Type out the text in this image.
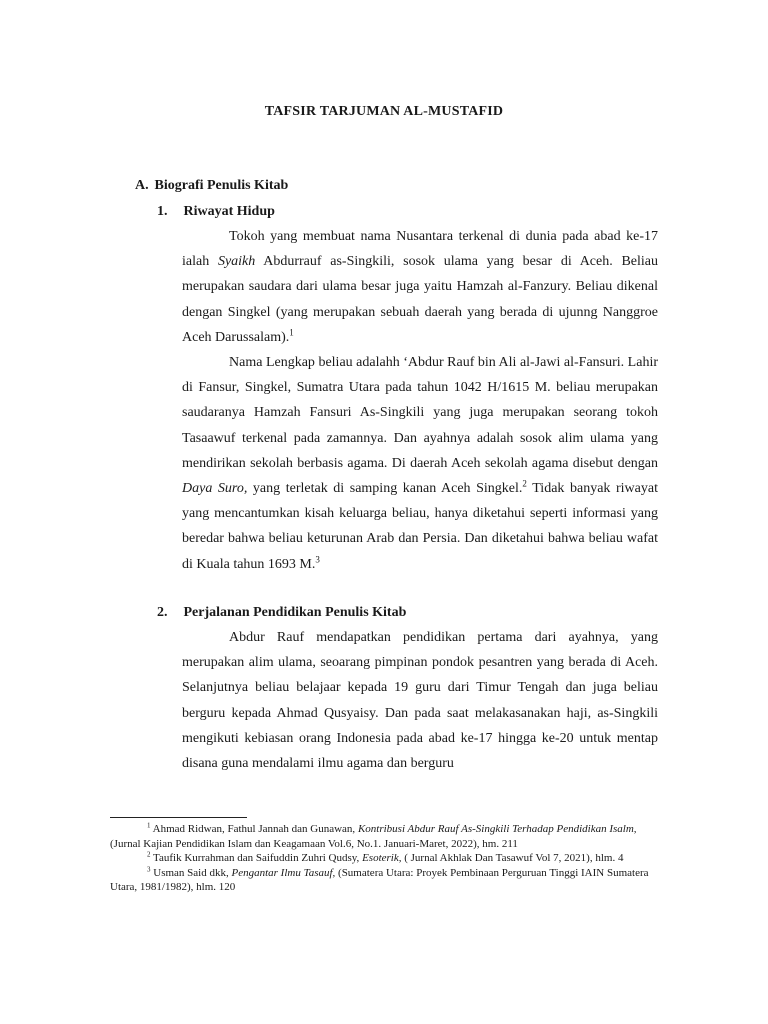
TAFSIR TARJUMAN AL-MUSTAFID
A. Biografi Penulis Kitab
1. Riwayat Hidup

Tokoh yang membuat nama Nusantara terkenal di dunia pada abad ke-17 ialah Syaikh Abdurrauf as-Singkili, sosok ulama yang besar di Aceh. Beliau merupakan saudara dari ulama besar juga yaitu Hamzah al-Fanzury. Beliau dikenal dengan Singkel (yang merupakan sebuah daerah yang berada di ujunng Nanggroe Aceh Darussalam).$^1$

Nama Lengkap beliau adalahh ‘Abdur Rauf bin Ali al-Jawi al-Fansuri. Lahir di Fansur, Singkel, Sumatra Utara pada tahun 1042 H/1615 M. beliau merupakan saudaranya Hamzah Fansuri As-Singkili yang juga merupakan seorang tokoh Tasaawuf terkenal pada zamannya. Dan ayahnya adalah sosok alim ulama yang mendirikan sekolah berbasis agama. Di daerah Aceh sekolah agama disebut dengan Daya Suro, yang terletak di samping kanan Aceh Singkel.$^2$ Tidak banyak riwayat yang mencantumkan kisah keluarga beliau, hanya diketahui seperti informasi yang beredar bahwa beliau keturunan Arab dan Persia. Dan diketahui bahwa beliau wafat di Kuala tahun 1693 M.$^3$

2. Perjalanan Pendidikan Penulis Kitab

Abdur Rauf mendapatkan pendidikan pertama dari ayahnya, yang merupakan alim ulama, seoarang pimpinan pondok pesantren yang berada di Aceh. Selanjutnya beliau belajaar kepada 19 guru dari Timur Tengah dan juga beliau berguru kepada Ahmad Qusyaisy. Dan pada saat melakasanakan haji, as-Singkili mengikuti kebiasan orang Indonesia pada abad ke-17 hingga ke-20 untuk mentap disana guna mendalami ilmu agama dan berguru

$^1$ Ahmad Ridwan, Fathul Jannah dan Gunawan, Kontribusi Abdur Rauf As-Singkili Terhadap Pendidikan Isalm, (Jurnal Kajian Pendidikan Islam dan Keagamaan Vol.6, No.1. Januari-Maret, 2022), hm. 211

$^2$ Taufik Kurrahman dan Saifuddin Zuhri Qudsy, Esoterik, ( Jurnal Akhlak Dan Tasawuf Vol 7, 2021), hlm. 4

$^3$ Usman Said dkk, Pengantar Ilmu Tasauf, (Sumatera Utara: Proyek Pembinaan Perguruan Tinggi IAIN Sumatera Utara, 1981/1982), hlm. 120
